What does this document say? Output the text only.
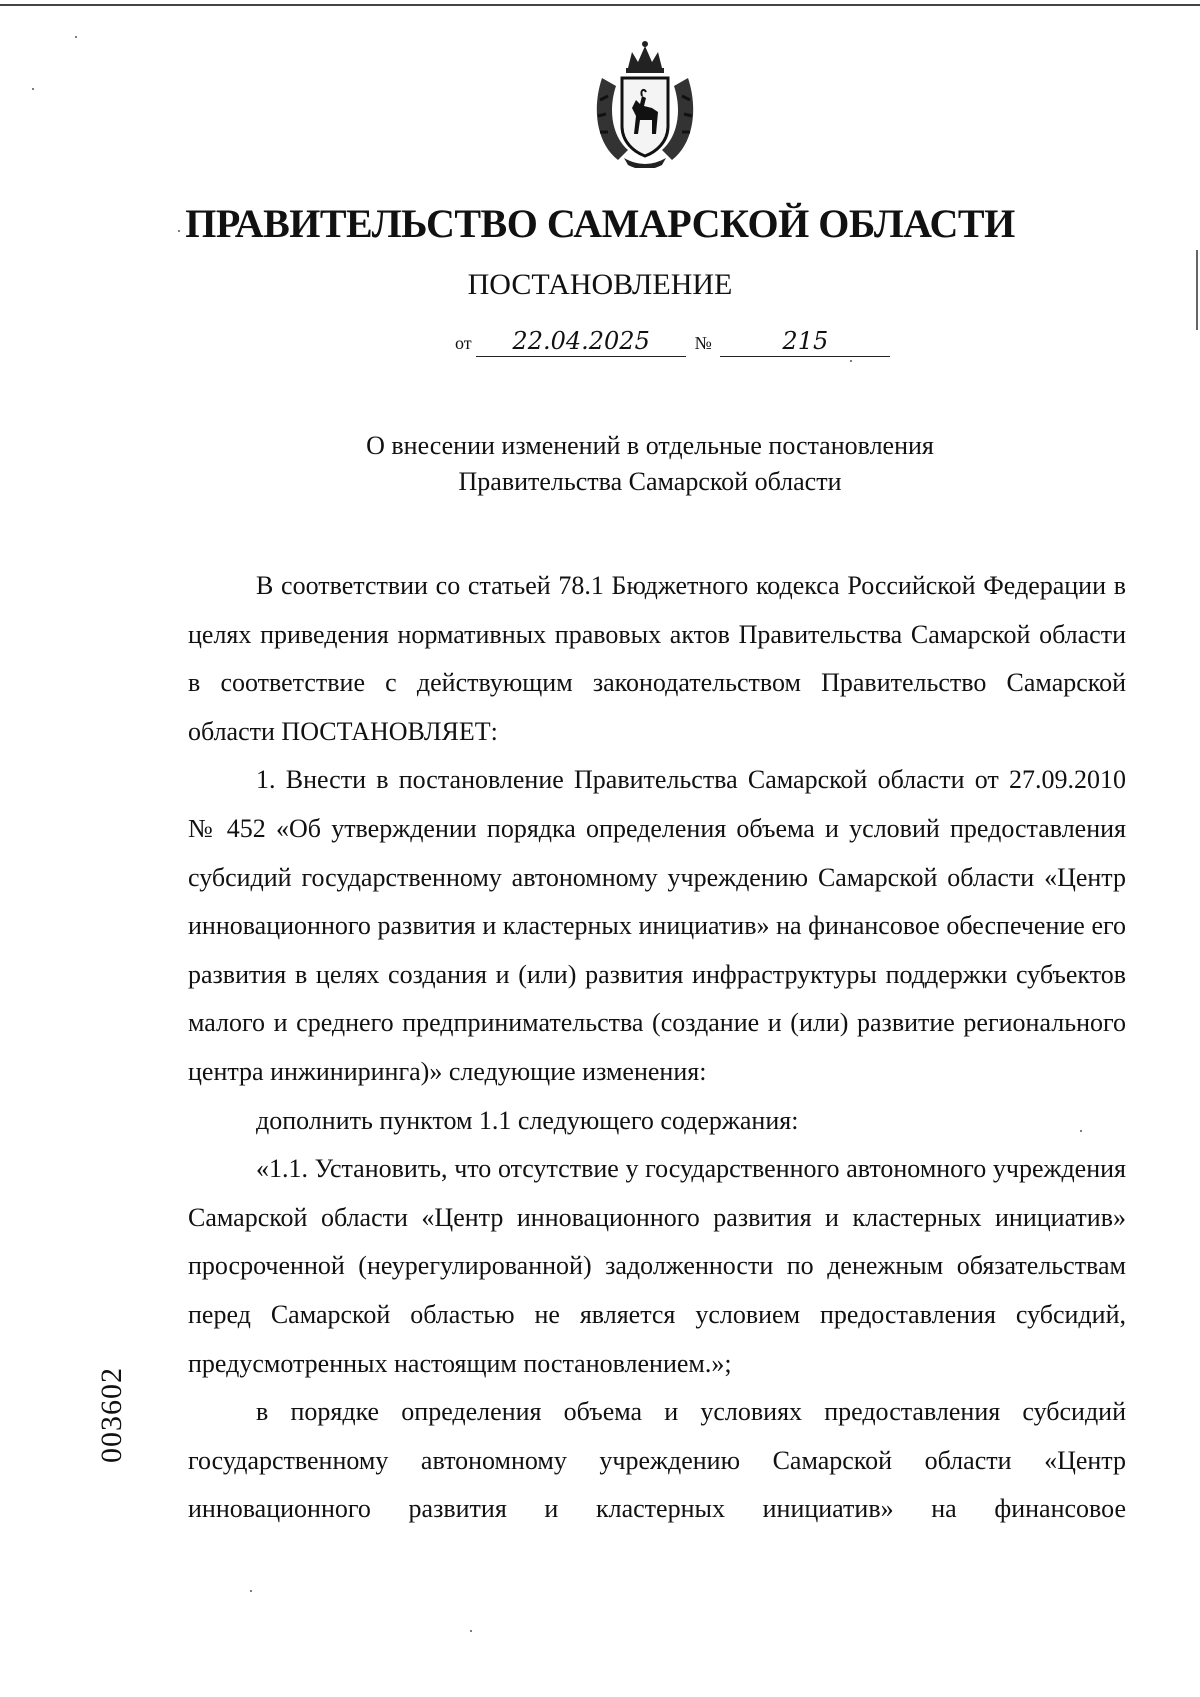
ПРАВИТЕЛЬСТВО САМАРСКОЙ ОБЛАСТИ
ПОСТАНОВЛЕНИЕ
от 22.04.2025 №	215
О внесении изменений в отдельные постановления
Правительства Самарской области

В соответствии со статьей 78.1 Бюджетного кодекса Российской Федерации в целях приведения нормативных правовых актов Правительства Самарской области в соответствие с действующим законодательством Правительство Самарской области ПОСТАНОВЛЯЕТ:

1. Внести в постановление Правительства Самарской области от 27.09.2010 № 452 «Об утверждении порядка определения объема и условий предоставления субсидий государственному автономному учреждению Самарской области «Центр инновационного развития и кластерных инициатив» на финансовое обеспечение его развития в целях создания и (или) развития инфраструктуры поддержки субъектов малого и среднего предпринимательства (создание и (или) развитие регионального центра инжиниринга)» следующие изменения:

дополнить пунктом 1.1 следующего содержания:

«1.1. Установить, что отсутствие у государственного автономного учреждения Самарской области «Центр инновационного развития и кластерных инициатив» просроченной (неурегулированной) задолженности по денежным обязательствам перед Самарской областью не является условием предоставления субсидий, предусмотренных настоящим постановлением.»;

в порядке определения объема и условиях предоставления субсидий государственному автономному учреждению Самарской области «Центр инновационного развития и кластерных инициатив» на финансовое

003602
